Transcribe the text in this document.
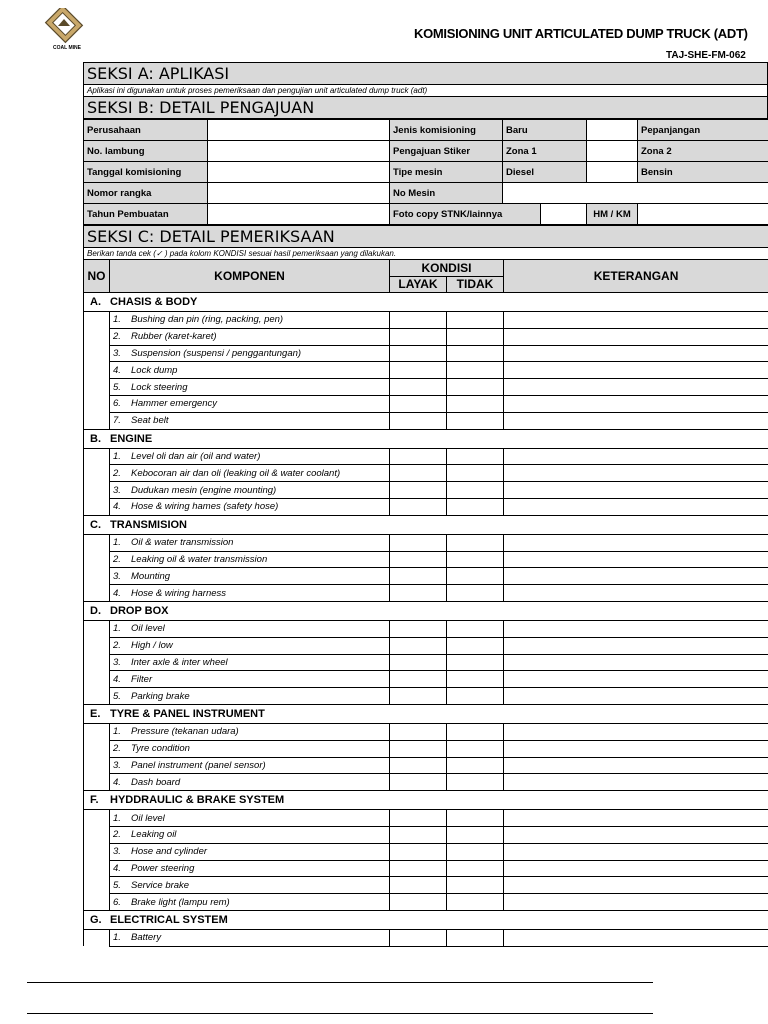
COAL MINE
KOMISIONING UNIT ARTICULATED DUMP TRUCK (ADT)
TAJ-SHE-FM-062
SEKSI A: APLIKASI
Aplikasi ini digunakan untuk proses pemeriksaan dan pengujian unit articulated dump truck (adt)
SEKSI B: DETAIL PENGAJUAN
Perusahaan		Jenis komisioning	Baru			Pepanjangan
No. lambung		Pengajuan Stiker	Zona 1			Zona 2
Tanggal komisioning		Tipe mesin	Diesel			Bensin
Nomor rangka		No Mesin				
Tahun Pembuatan		Foto copy STNK/lainnya			HM / KM	
SEKSI C: DETAIL PEMERIKSAAN				
Berikan tanda cek (✓ ) pada kolom KONDISI sesuai hasil pemeriksaan yang dilakukan.				
NO	KOMPONEN	KONDISI		KETERANGAN
		LAYAK	TIDAK	
A. CHASIS & BODY				
	1. Bushing dan pin (ring, packing, pen)			
	2. Rubber (karet-karet)			
	3. Suspension (suspensi / penggantungan)			
	4. Lock dump			
	5. Lock steering			
	6. Hammer emergency			
	7. Seat belt			
B. ENGINE				
	1. Level oli dan air (oil and water)			
	2. Kebocoran air dan oli (leaking oil & water coolant)			
	3. Dudukan mesin (engine mounting)			
	4. Hose & wiring hames (safety hose)			
C. TRANSMISION				
	1. Oil & water transmission			
	2. Leaking oil & water transmission			
	3. Mounting			
	4. Hose & wiring harness			
D. DROP BOX				
	1. Oil level			
	2. High / low			
	3. Inter axle & inter wheel			
	4. Filter			
	5. Parking brake			
E. TYRE & PANEL INSTRUMENT				
	1. Pressure (tekanan udara)			
	2. Tyre condition			
	3. Panel instrument (panel sensor)			
	4. Dash board			
F. HYDDRAULIC & BRAKE SYSTEM				
	1. Oil level			
	2. Leaking oil			
	3. Hose and cylinder			
	4. Power steering			
	5. Service brake			
	6. Brake light (lampu rem)			
G. ELECTRICAL SYSTEM				
	1. Battery			
